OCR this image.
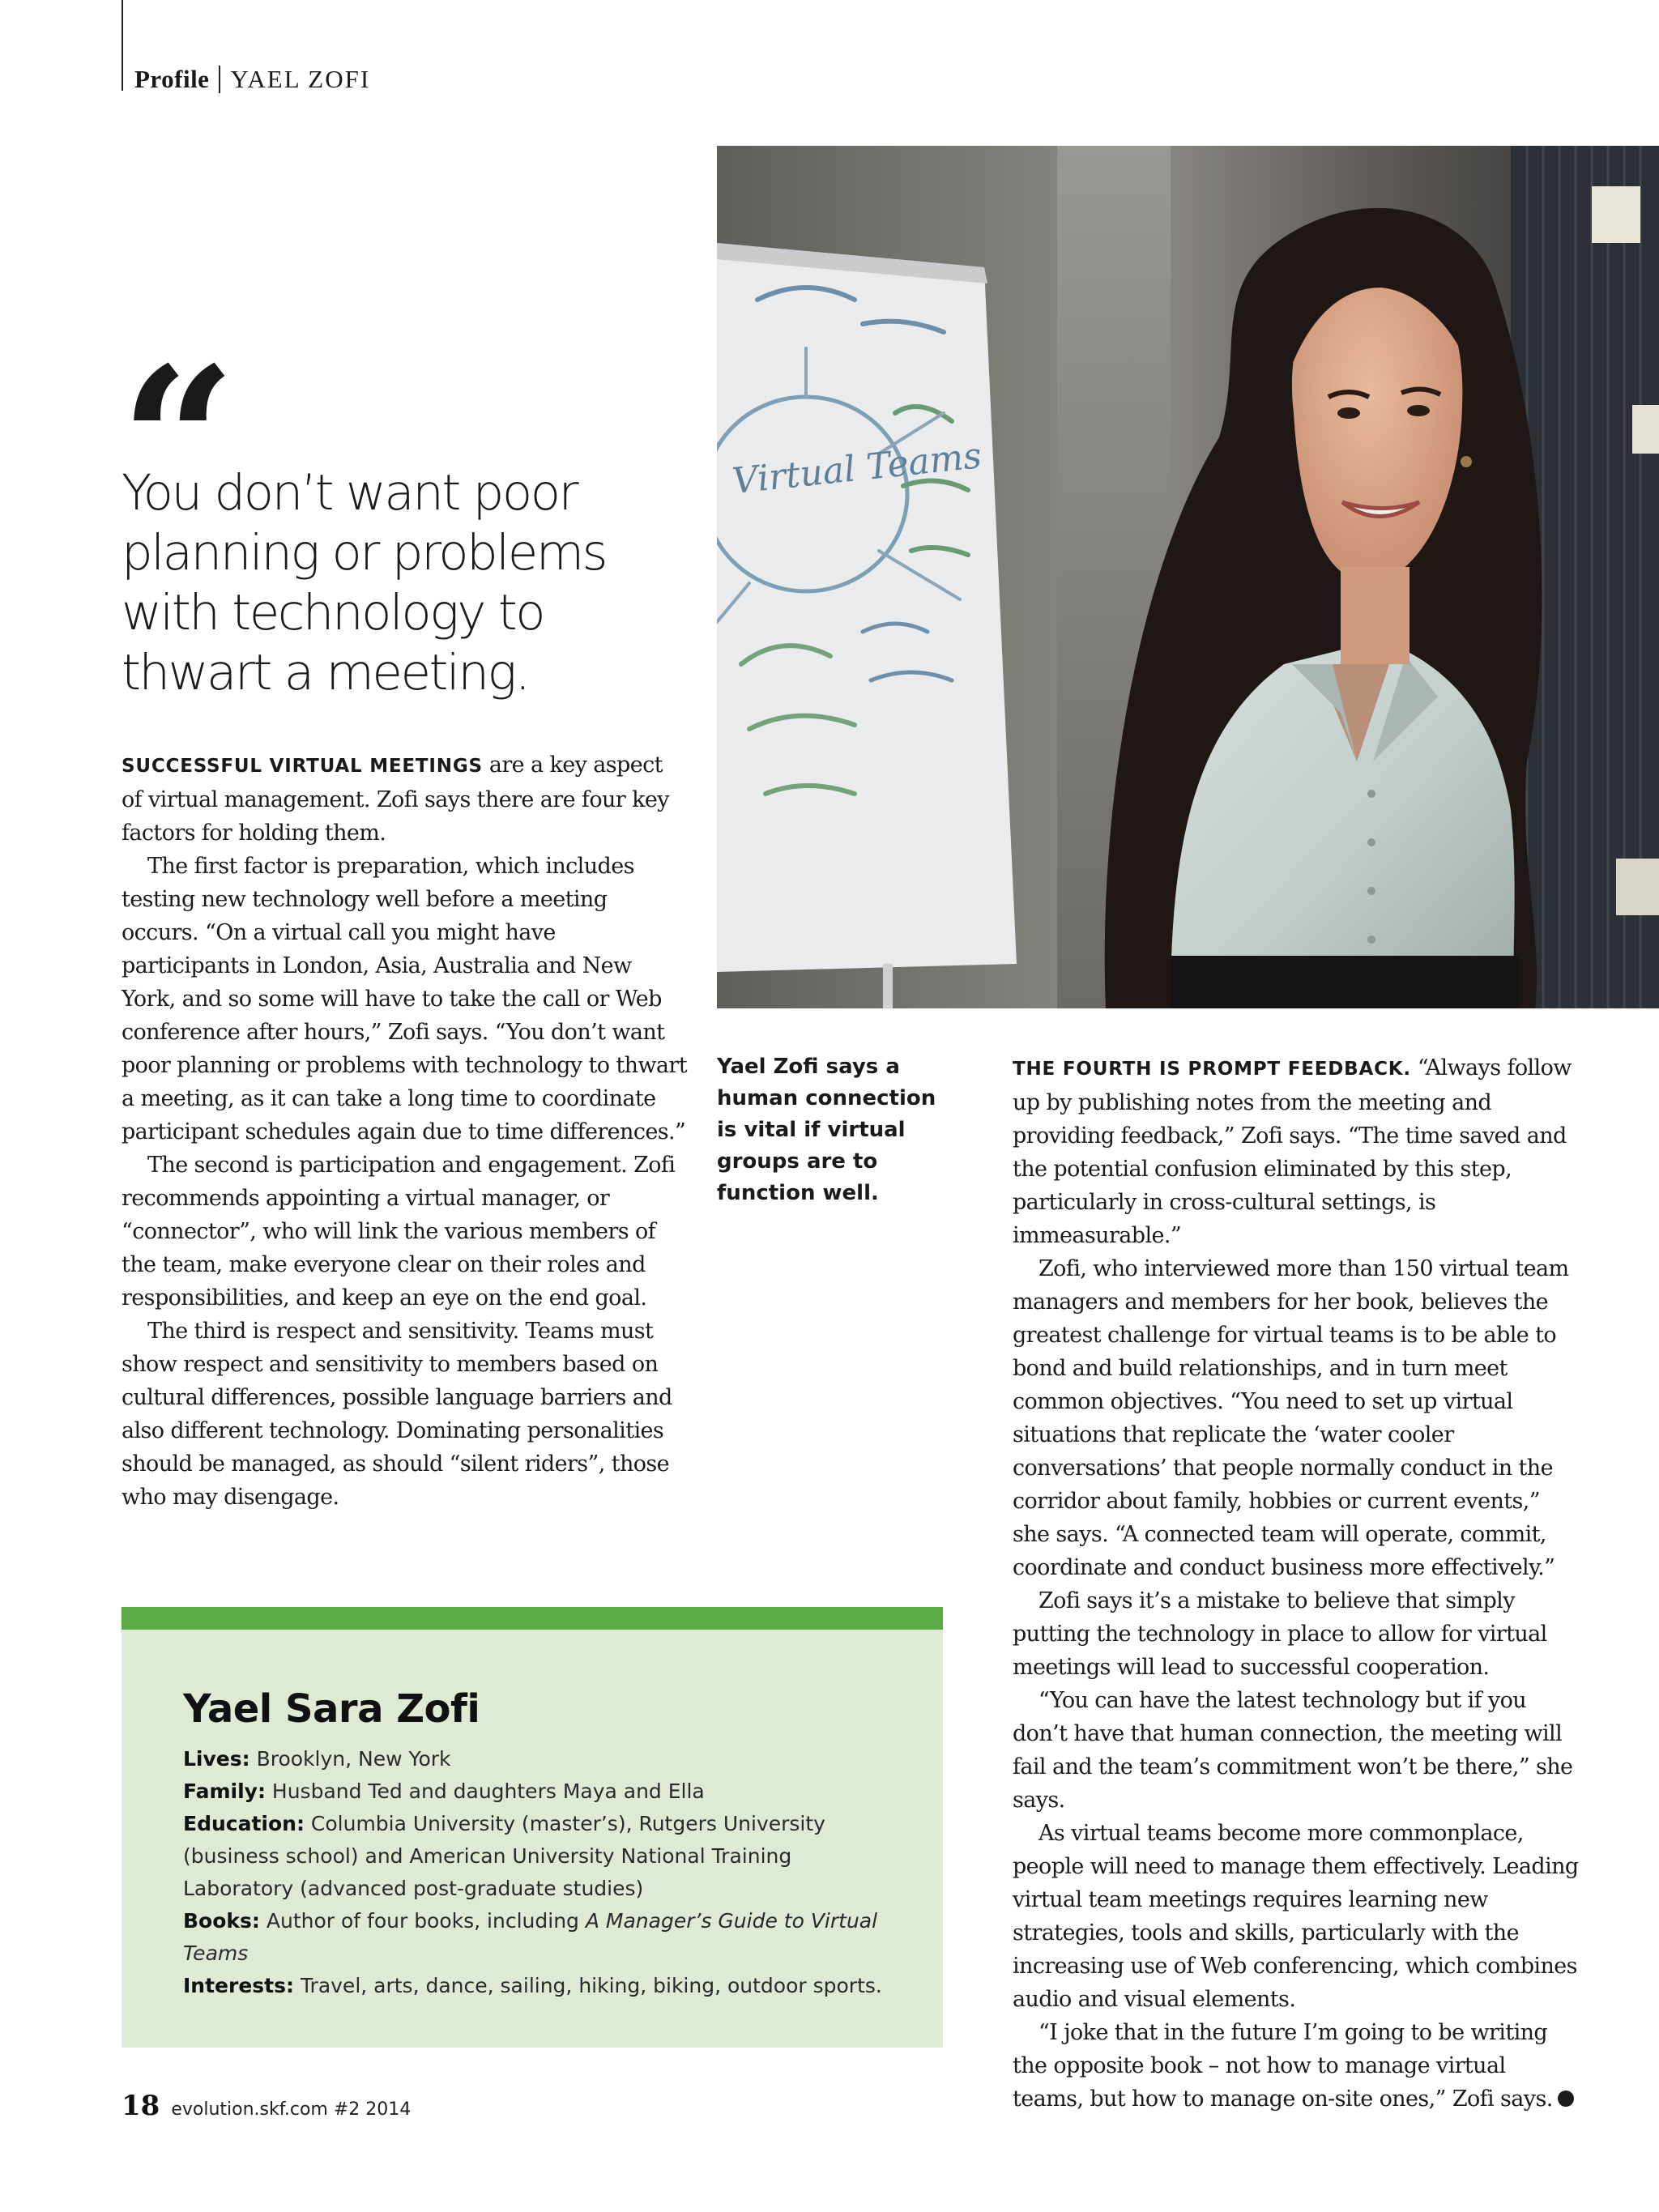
Profile YAEL ZOFI
“
You don’t want poor planning or problems with technology to thwart a meeting.

SUCCESSFUL VIRTUAL MEETINGS are a key aspect of virtual management. Zofi says there are four key factors for holding them.

The first factor is preparation, which includes testing new technology well before a meeting occurs. “On a virtual call you might have participants in London, Asia, Australia and New York, and so some will have to take the call or Web conference after hours,” Zofi says. “You don’t want poor planning or problems with technology to thwart a meeting, as it can take a long time to coordinate participant schedules again due to time differences.”

The second is participation and engagement. Zofi recommends appointing a virtual manager, or “connector”, who will link the various members of the team, make everyone clear on their roles and responsibilities, and keep an eye on the end goal.

The third is respect and sensitivity. Teams must show respect and sensitivity to members based on cultural differences, possible language barriers and also different technology. Dominating personalities should be managed, as should “silent riders”, those who may disengage.

Virtual Teams
Yael Zofi says a human connection is vital if virtual groups are to function well.

THE FOURTH IS PROMPT FEEDBACK. “Always follow up by publishing notes from the meeting and providing feedback,” Zofi says. “The time saved and the potential confusion eliminated by this step, particularly in cross-cultural settings, is immeasurable.”

Zofi, who interviewed more than 150 virtual team managers and members for her book, believes the greatest challenge for virtual teams is to be able to bond and build relationships, and in turn meet common objectives. “You need to set up virtual situations that replicate the ‘water cooler conversations’ that people normally conduct in the corridor about family, hobbies or current events,” she says. “A connected team will operate, commit, coordinate and conduct business more effectively.”

Zofi says it’s a mistake to believe that simply putting the technology in place to allow for virtual meetings will lead to successful cooperation.

“You can have the latest technology but if you don’t have that human connection, the meeting will fail and the team’s commitment won’t be there,” she says.

As virtual teams become more commonplace, people will need to manage them effectively. Leading virtual team meetings requires learning new strategies, tools and skills, particularly with the increasing use of Web conferencing, which combines audio and visual elements.

“I joke that in the future I’m going to be writing the opposite book – not how to manage virtual teams, but how to manage on-site ones,” Zofi says.

Yael Sara Zofi
Lives: Brooklyn, New York
Family: Husband Ted and daughters Maya and Ella
Education: Columbia University (master’s), Rutgers University (business school) and American University National Training Laboratory (advanced post-graduate studies)
Books: Author of four books, including A Manager’s Guide to Virtual Teams
Interests: Travel, arts, dance, sailing, hiking, biking, outdoor sports.
18 evolution.skf.com #2 2014
